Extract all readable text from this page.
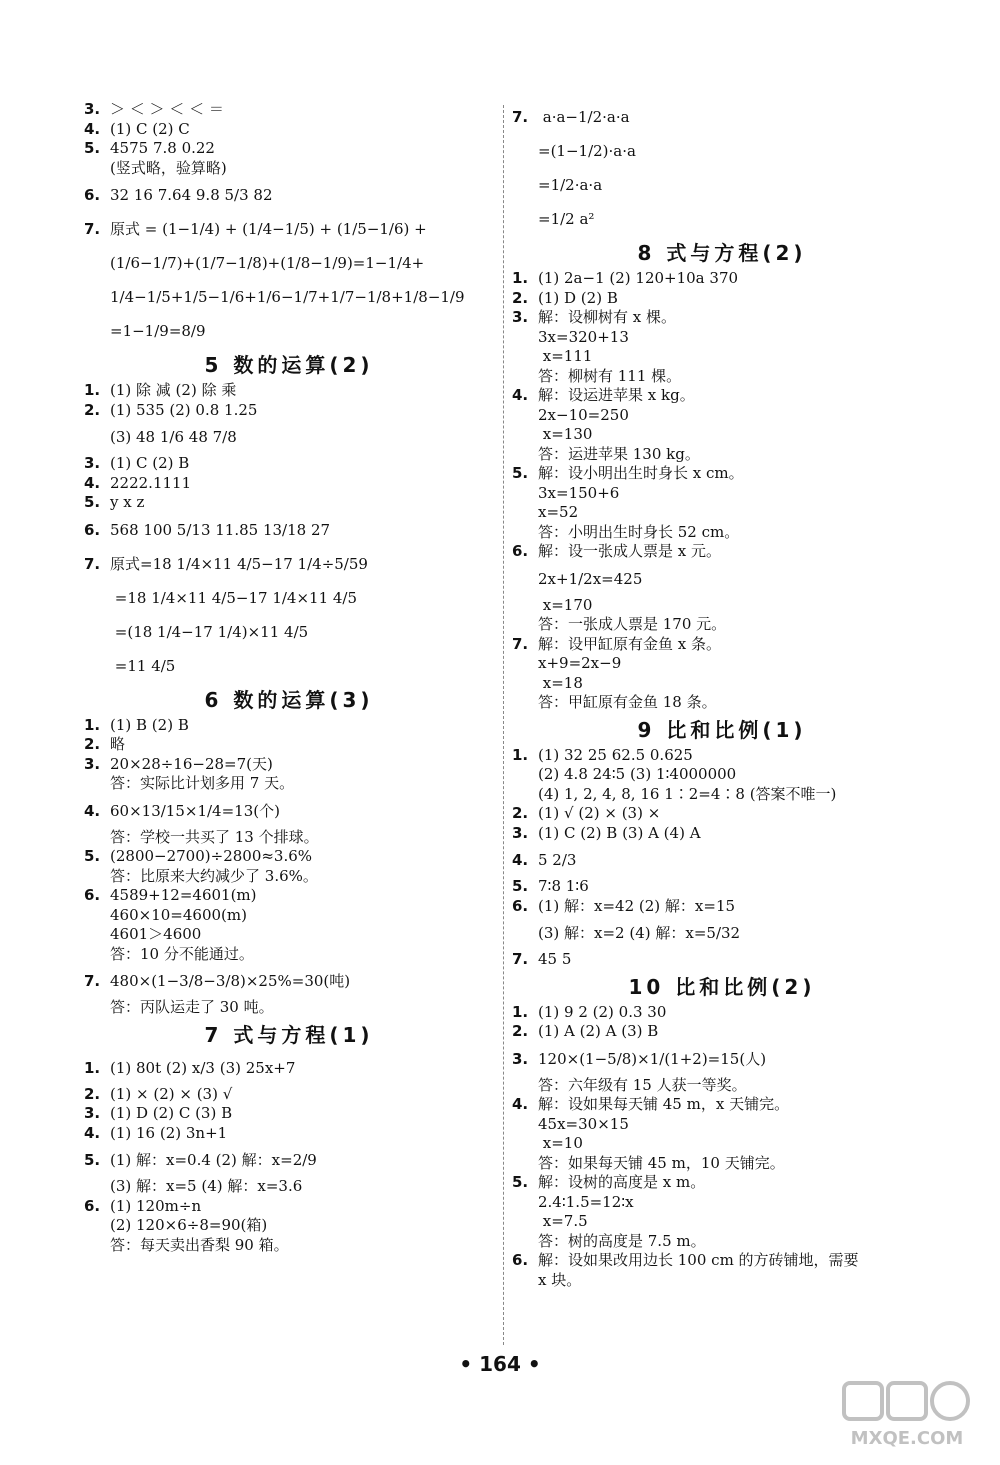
3. ＞ ＜ ＞ ＜ ＜ ＝
4. (1) C (2) C
5. 4575 7.8 0.22
(竖式略，验算略)
6. 32 16 7.64 9.8 5/3 82
7. 原式 = (1−1/4) + (1/4−1/5) + (1/5−1/6) +
(1/6−1/7)+(1/7−1/8)+(1/8−1/9)=1−1/4+
1/4−1/5+1/5−1/6+1/6−1/7+1/7−1/8+1/8−1/9
=1−1/9=8/9
5 数的运算(2)
1. (1) 除 减 (2) 除 乘
2. (1) 535 (2) 0.8 1.25
(3) 48 1/6 48 7/8
3. (1) C (2) B
4. 2222.1111
5. y x z
6. 568 100 5/13 11.85 13/18 27
7. 原式=18 1/4×11 4/5−17 1/4÷5/59
=18 1/4×11 4/5−17 1/4×11 4/5
=(18 1/4−17 1/4)×11 4/5
=11 4/5
6 数的运算(3)
1. (1) B (2) B
2. 略
3. 20×28÷16−28=7(天)
答：实际比计划多用 7 天。
4. 60×13/15×1/4=13(个)
答：学校一共买了 13 个排球。
5. (2800−2700)÷2800≈3.6%
答：比原来大约减少了 3.6%。
6. 4589+12=4601(m)
460×10=4600(m)
4601＞4600
答：10 分不能通过。
7. 480×(1−3/8−3/8)×25%=30(吨)
答：丙队运走了 30 吨。
7 式与方程(1)
1. (1) 80t (2) x/3 (3) 25x+7
2. (1) × (2) × (3) √
3. (1) D (2) C (3) B
4. (1) 16 (2) 3n+1
5. (1) 解：x=0.4 (2) 解：x=2/9
(3) 解：x=5 (4) 解：x=3.6
6. (1) 120m÷n
(2) 120×6÷8=90(箱)
答：每天卖出香梨 90 箱。
7. a·a−1/2·a·a
=(1−1/2)·a·a
=1/2·a·a
=1/2 a²
8 式与方程(2)
1. (1) 2a−1 (2) 120+10a 370
2. (1) D (2) B
3. 解：设柳树有 x 棵。
3x=320+13
x=111
答：柳树有 111 棵。
4. 解：设运进苹果 x kg。
2x−10=250
x=130
答：运进苹果 130 kg。
5. 解：设小明出生时身长 x cm。
3x=150+6
x=52
答：小明出生时身长 52 cm。
6. 解：设一张成人票是 x 元。
2x+1/2x=425
x=170
答：一张成人票是 170 元。
7. 解：设甲缸原有金鱼 x 条。
x+9=2x−9
x=18
答：甲缸原有金鱼 18 条。
9 比和比例(1)
1. (1) 32 25 62.5 0.625
(2) 4.8 24∶5 (3) 1∶4000000
(4) 1, 2, 4, 8, 16 1∶2=4∶8 (答案不唯一)
2. (1) √ (2) × (3) ×
3. (1) C (2) B (3) A (4) A
4. 5 2/3
5. 7∶8 1∶6
6. (1) 解：x=42 (2) 解：x=15
(3) 解：x=2 (4) 解：x=5/32
7. 45 5
10 比和比例(2)
1. (1) 9 2 (2) 0.3 30
2. (1) A (2) A (3) B
3. 120×(1−5/8)×1/(1+2)=15(人)
答：六年级有 15 人获一等奖。
4. 解：设如果每天铺 45 m，x 天铺完。
45x=30×15
x=10
答：如果每天铺 45 m，10 天铺完。
5. 解：设树的高度是 x m。
2.4∶1.5=12∶x
x=7.5
答：树的高度是 7.5 m。
6. 解：设如果改用边长 100 cm 的方砖铺地，需要
x 块。
• 164 •
MXQE.COM
